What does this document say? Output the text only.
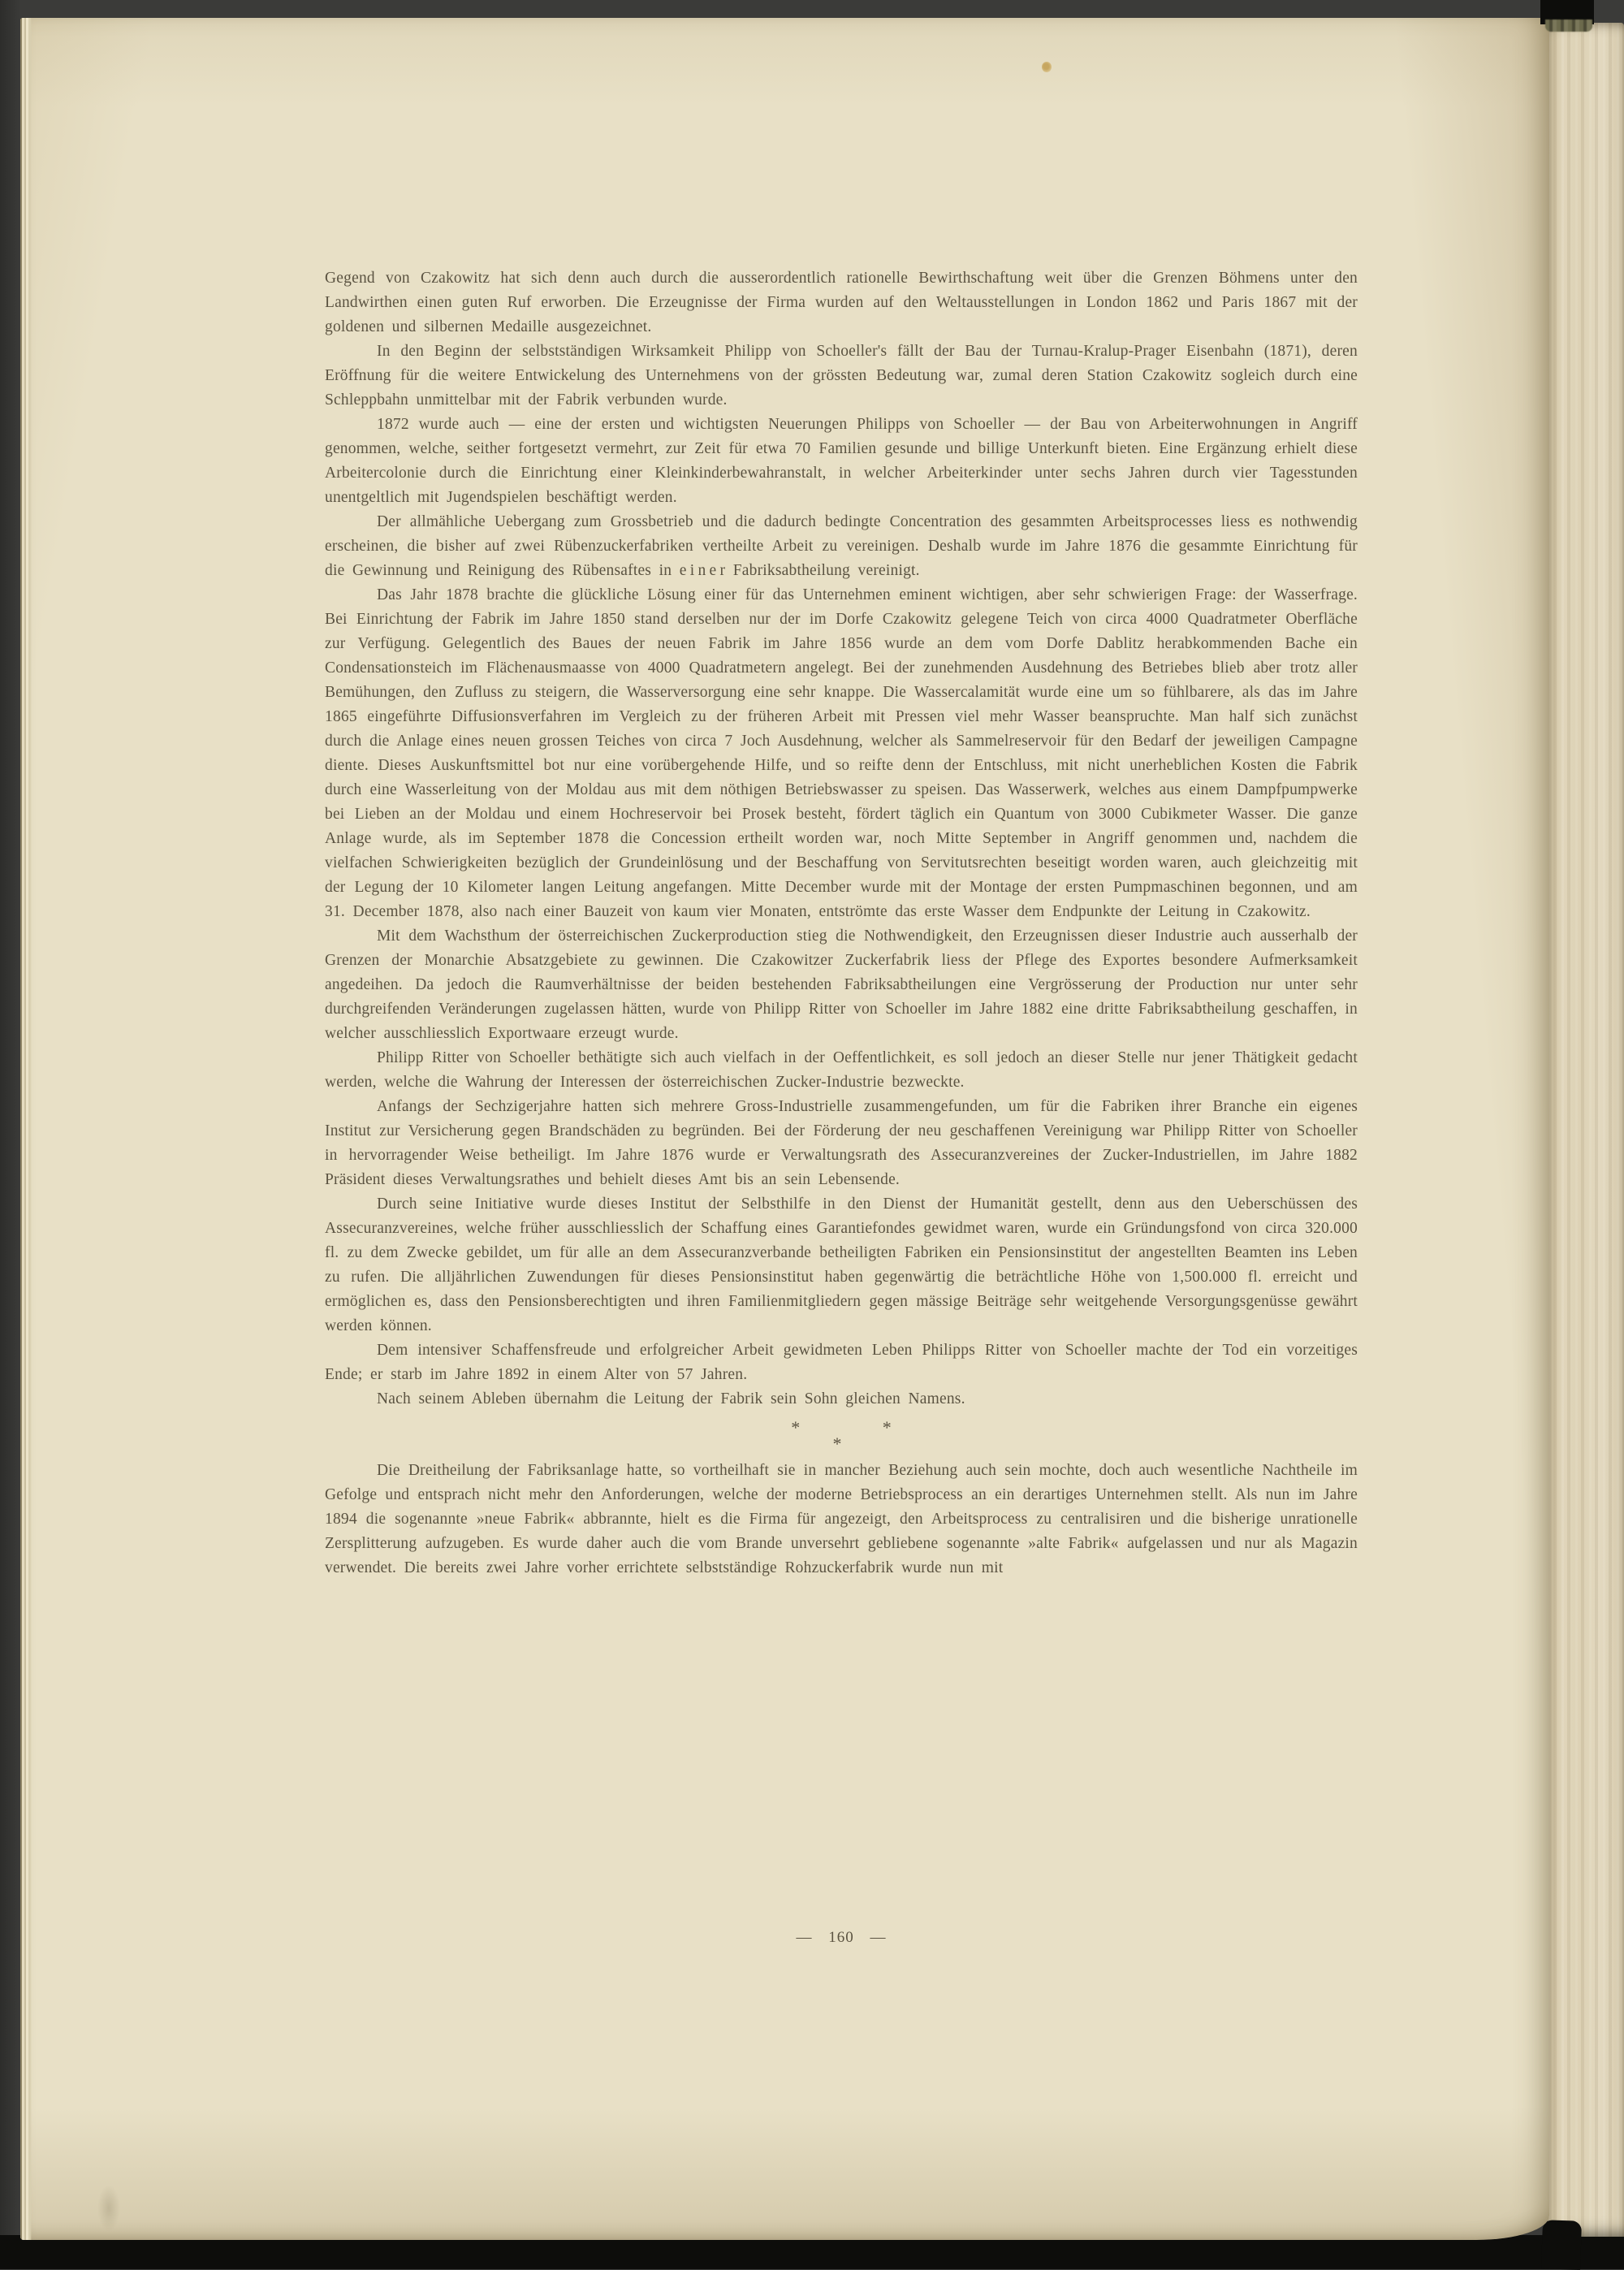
Gegend von Czakowitz hat sich denn auch durch die ausserordentlich rationelle Bewirthschaftung weit über die Grenzen Böhmens unter den Landwirthen einen guten Ruf erworben. Die Erzeugnisse der Firma wurden auf den Weltausstellungen in London 1862 und Paris 1867 mit der goldenen und silbernen Medaille ausgezeichnet.

In den Beginn der selbstständigen Wirksamkeit Philipp von Schoeller's fällt der Bau der Turnau-Kralup-Prager Eisenbahn (1871), deren Eröffnung für die weitere Entwickelung des Unternehmens von der grössten Bedeutung war, zumal deren Station Czakowitz sogleich durch eine Schleppbahn unmittelbar mit der Fabrik verbunden wurde.

1872 wurde auch — eine der ersten und wichtigsten Neuerungen Philipps von Schoeller — der Bau von Arbeiterwohnungen in Angriff genommen, welche, seither fortgesetzt vermehrt, zur Zeit für etwa 70 Familien gesunde und billige Unterkunft bieten. Eine Ergänzung erhielt diese Arbeitercolonie durch die Einrichtung einer Kleinkinderbewahranstalt, in welcher Arbeiterkinder unter sechs Jahren durch vier Tagesstunden unentgeltlich mit Jugendspielen beschäftigt werden.

Der allmähliche Uebergang zum Grossbetrieb und die dadurch bedingte Concentration des gesammten Arbeitsprocesses liess es nothwendig erscheinen, die bisher auf zwei Rübenzuckerfabriken vertheilte Arbeit zu vereinigen. Deshalb wurde im Jahre 1876 die gesammte Einrichtung für die Gewinnung und Reinigung des Rübensaftes in e i n e r Fabriksabtheilung vereinigt.

Das Jahr 1878 brachte die glückliche Lösung einer für das Unternehmen eminent wichtigen, aber sehr schwierigen Frage: der Wasserfrage. Bei Einrichtung der Fabrik im Jahre 1850 stand derselben nur der im Dorfe Czakowitz gelegene Teich von circa 4000 Quadratmeter Oberfläche zur Verfügung. Gelegentlich des Baues der neuen Fabrik im Jahre 1856 wurde an dem vom Dorfe Dablitz herabkommenden Bache ein Condensationsteich im Flächenausmaasse von 4000 Quadratmetern angelegt. Bei der zunehmenden Ausdehnung des Betriebes blieb aber trotz aller Bemühungen, den Zufluss zu steigern, die Wasserversorgung eine sehr knappe. Die Wassercalamität wurde eine um so fühlbarere, als das im Jahre 1865 eingeführte Diffusionsverfahren im Vergleich zu der früheren Arbeit mit Pressen viel mehr Wasser beanspruchte. Man half sich zunächst durch die Anlage eines neuen grossen Teiches von circa 7 Joch Ausdehnung, welcher als Sammelreservoir für den Bedarf der jeweiligen Campagne diente. Dieses Auskunftsmittel bot nur eine vorübergehende Hilfe, und so reifte denn der Entschluss, mit nicht unerheblichen Kosten die Fabrik durch eine Wasserleitung von der Moldau aus mit dem nöthigen Betriebswasser zu speisen. Das Wasserwerk, welches aus einem Dampfpumpwerke bei Lieben an der Moldau und einem Hochreservoir bei Prosek besteht, fördert täglich ein Quantum von 3000 Cubikmeter Wasser. Die ganze Anlage wurde, als im September 1878 die Concession ertheilt worden war, noch Mitte September in Angriff genommen und, nachdem die vielfachen Schwierigkeiten bezüglich der Grundeinlösung und der Beschaffung von Servitutsrechten beseitigt worden waren, auch gleichzeitig mit der Legung der 10 Kilometer langen Leitung angefangen. Mitte December wurde mit der Montage der ersten Pumpmaschinen begonnen, und am 31. December 1878, also nach einer Bauzeit von kaum vier Monaten, entströmte das erste Wasser dem Endpunkte der Leitung in Czakowitz.

Mit dem Wachsthum der österreichischen Zuckerproduction stieg die Nothwendigkeit, den Erzeugnissen dieser Industrie auch ausserhalb der Grenzen der Monarchie Absatzgebiete zu gewinnen. Die Czakowitzer Zuckerfabrik liess der Pflege des Exportes besondere Aufmerksamkeit angedeihen. Da jedoch die Raumverhältnisse der beiden bestehenden Fabriksabtheilungen eine Vergrösserung der Production nur unter sehr durchgreifenden Veränderungen zugelassen hätten, wurde von Philipp Ritter von Schoeller im Jahre 1882 eine dritte Fabriksabtheilung geschaffen, in welcher ausschliesslich Exportwaare erzeugt wurde.

Philipp Ritter von Schoeller bethätigte sich auch vielfach in der Oeffentlichkeit, es soll jedoch an dieser Stelle nur jener Thätigkeit gedacht werden, welche die Wahrung der Interessen der österreichischen Zucker-Industrie bezweckte.

Anfangs der Sechzigerjahre hatten sich mehrere Gross-Industrielle zusammengefunden, um für die Fabriken ihrer Branche ein eigenes Institut zur Versicherung gegen Brandschäden zu begründen. Bei der Förderung der neu geschaffenen Vereinigung war Philipp Ritter von Schoeller in hervorragender Weise betheiligt. Im Jahre 1876 wurde er Verwaltungsrath des Assecuranzvereines der Zucker-Industriellen, im Jahre 1882 Präsident dieses Verwaltungsrathes und behielt dieses Amt bis an sein Lebensende.

Durch seine Initiative wurde dieses Institut der Selbsthilfe in den Dienst der Humanität gestellt, denn aus den Ueberschüssen des Assecuranzvereines, welche früher ausschliesslich der Schaffung eines Garantiefondes gewidmet waren, wurde ein Gründungsfond von circa 320.000 fl. zu dem Zwecke gebildet, um für alle an dem Assecuranzverbande betheiligten Fabriken ein Pensionsinstitut der angestellten Beamten ins Leben zu rufen. Die alljährlichen Zuwendungen für dieses Pensionsinstitut haben gegenwärtig die beträchtliche Höhe von 1,500.000 fl. erreicht und ermöglichen es, dass den Pensionsberechtigten und ihren Familienmitgliedern gegen mässige Beiträge sehr weitgehende Versorgungsgenüsse gewährt werden können.

Dem intensiver Schaffensfreude und erfolgreicher Arbeit gewidmeten Leben Philipps Ritter von Schoeller machte der Tod ein vorzeitiges Ende; er starb im Jahre 1892 in einem Alter von 57 Jahren.

Nach seinem Ableben übernahm die Leitung der Fabrik sein Sohn gleichen Namens.

* *
*

Die Dreitheilung der Fabriksanlage hatte, so vortheilhaft sie in mancher Beziehung auch sein mochte, doch auch wesentliche Nachtheile im Gefolge und entsprach nicht mehr den Anforderungen, welche der moderne Betriebsprocess an ein derartiges Unternehmen stellt. Als nun im Jahre 1894 die sogenannte »neue Fabrik« abbrannte, hielt es die Firma für angezeigt, den Arbeitsprocess zu centralisiren und die bisherige unrationelle Zersplitterung aufzugeben. Es wurde daher auch die vom Brande unversehrt gebliebene sogenannte »alte Fabrik« aufgelassen und nur als Magazin verwendet. Die bereits zwei Jahre vorher errichtete selbstständige Rohzuckerfabrik wurde nun mit

— 160 —
